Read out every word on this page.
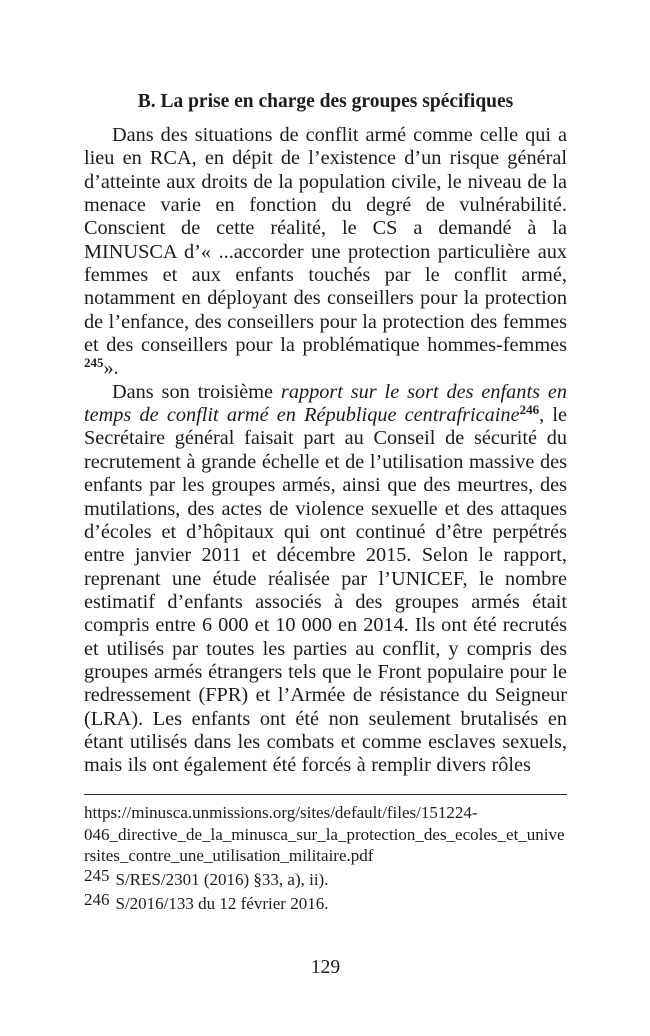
B. La prise en charge des groupes spécifiques

Dans des situations de conflit armé comme celle qui a lieu en RCA, en dépit de l’existence d’un risque général d’atteinte aux droits de la population civile, le niveau de la menace varie en fonction du degré de vulnérabilité. Conscient de cette réalité, le CS a demandé à la MINUSCA d’« ...accorder une protection particulière aux femmes et aux enfants touchés par le conflit armé, notamment en déployant des conseillers pour la protection de l’enfance, des conseillers pour la protection des femmes et des conseillers pour la problématique hommes-femmes $^{245}$».

Dans son troisième rapport sur le sort des enfants en temps de conflit armé en République centrafricaine$^{246}$, le Secrétaire général faisait part au Conseil de sécurité du recrutement à grande échelle et de l’utilisation massive des enfants par les groupes armés, ainsi que des meurtres, des mutilations, des actes de violence sexuelle et des attaques d’écoles et d’hôpitaux qui ont continué d’être perpétrés entre janvier 2011 et décembre 2015. Selon le rapport, reprenant une étude réalisée par l’UNICEF, le nombre estimatif d’enfants associés à des groupes armés était compris entre 6 000 et 10 000 en 2014. Ils ont été recrutés et utilisés par toutes les parties au conflit, y compris des groupes armés étrangers tels que le Front populaire pour le redressement (FPR) et l’Armée de résistance du Seigneur (LRA). Les enfants ont été non seulement brutalisés en étant utilisés dans les combats et comme esclaves sexuels, mais ils ont également été forcés à remplir divers rôles

https://minusca.unmissions.org/sites/default/files/151224-046_directive_de_la_minusca_sur_la_protection_des_ecoles_et_universites_contre_une_utilisation_militaire.pdf
245 S/RES/2301 (2016) §33, a), ii).
246 S/2016/133 du 12 février 2016.
129
